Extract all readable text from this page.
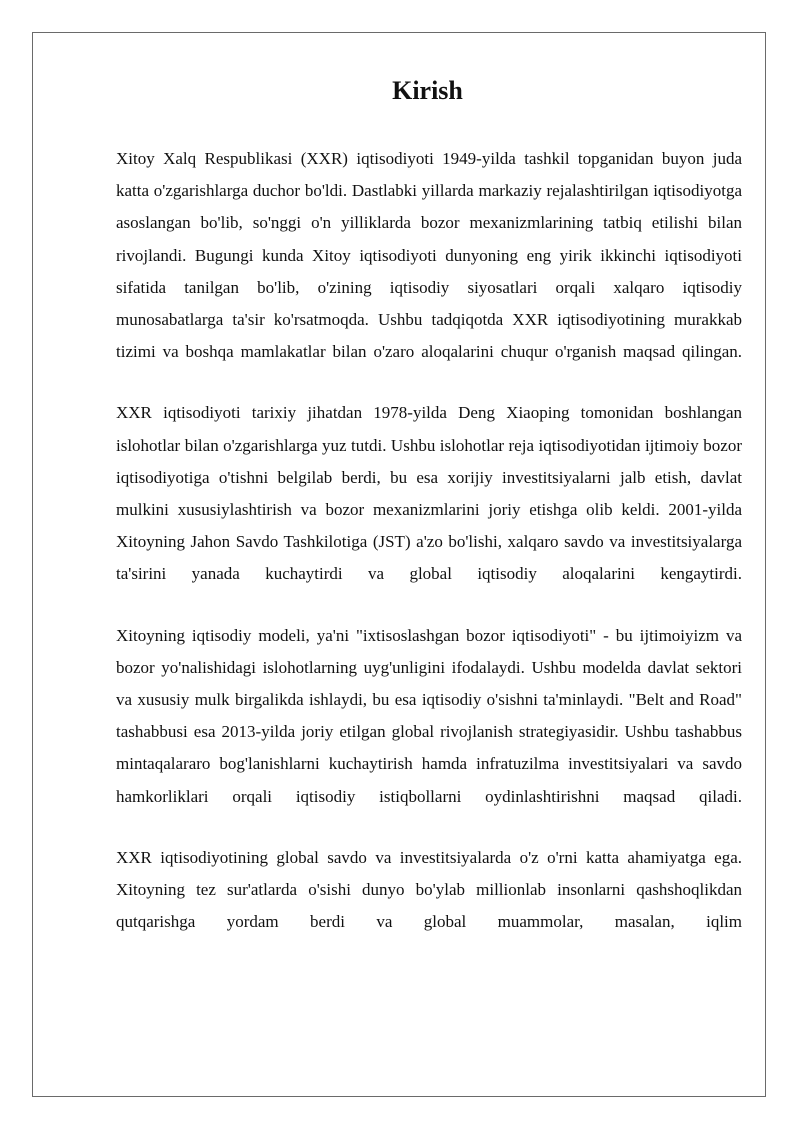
Kirish

Xitoy Xalq Respublikasi (XXR) iqtisodiyoti 1949-yilda tashkil topganidan buyon juda katta o'zgarishlarga duchor bo'ldi. Dastlabki yillarda markaziy rejalashtirilgan iqtisodiyotga asoslangan bo'lib, so'nggi o'n yilliklarda bozor mexanizmlarining tatbiq etilishi bilan rivojlandi. Bugungi kunda Xitoy iqtisodiyoti dunyoning eng yirik ikkinchi iqtisodiyoti sifatida tanilgan bo'lib, o'zining iqtisodiy siyosatlari orqali xalqaro iqtisodiy munosabatlarga ta'sir ko'rsatmoqda. Ushbu tadqiqotda XXR iqtisodiyotining murakkab tizimi va boshqa mamlakatlar bilan o'zaro aloqalarini chuqur o'rganish maqsad qilingan.

XXR iqtisodiyoti tarixiy jihatdan 1978-yilda Deng Xiaoping tomonidan boshlangan islohotlar bilan o'zgarishlarga yuz tutdi. Ushbu islohotlar reja iqtisodiyotidan ijtimoiy bozor iqtisodiyotiga o'tishni belgilab berdi, bu esa xorijiy investitsiyalarni jalb etish, davlat mulkini xususiylashtirish va bozor mexanizmlarini joriy etishga olib keldi. 2001-yilda Xitoyning Jahon Savdo Tashkilotiga (JST) a'zo bo'lishi, xalqaro savdo va investitsiyalarga ta'sirini yanada kuchaytirdi va global iqtisodiy aloqalarini kengaytirdi.

Xitoyning iqtisodiy modeli, ya'ni "ixtisoslashgan bozor iqtisodiyoti" - bu ijtimoiyizm va bozor yo'nalishidagi islohotlarning uyg'unligini ifodalaydi. Ushbu modelda davlat sektori va xususiy mulk birgalikda ishlaydi, bu esa iqtisodiy o'sishni ta'minlaydi. "Belt and Road" tashabbusi esa 2013-yilda joriy etilgan global rivojlanish strategiyasidir. Ushbu tashabbus mintaqalararo bog'lanishlarni kuchaytirish hamda infratuzilma investitsiyalari va savdo hamkorliklari orqali iqtisodiy istiqbollarni oydinlashtirishni maqsad qiladi.

XXR iqtisodiyotining global savdo va investitsiyalarda o'z o'rni katta ahamiyatga ega. Xitoyning tez sur'atlarda o'sishi dunyo bo'ylab millionlab insonlarni qashshoqlikdan qutqarishga yordam berdi va global muammolar, masalan, iqlim
